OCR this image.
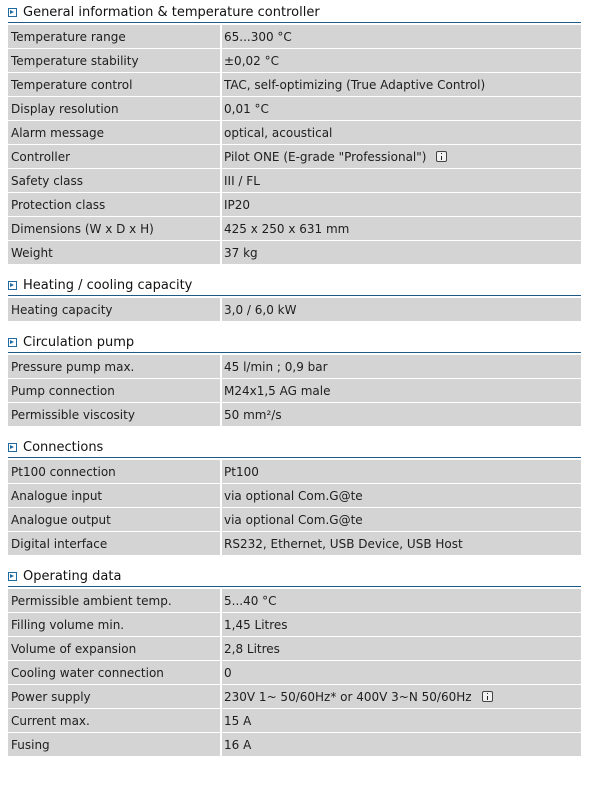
General information & temperature controller
Temperature range	65...300 °C
Temperature stability	±0,02 °C
Temperature control	TAC, self-optimizing (True Adaptive Control)
Display resolution	0,01 °C
Alarm message	optical, acoustical
Controller	Pilot ONE (E-grade "Professional")
Safety class	III / FL
Protection class	IP20
Dimensions (W x D x H)	425 x 250 x 631 mm
Weight	37 kg
Heating / cooling capacity
Heating capacity	3,0 / 6,0 kW
Circulation pump
Pressure pump max.	45 l/min ; 0,9 bar
Pump connection	M24x1,5 AG male
Permissible viscosity	50 mm²/s
Connections
Pt100 connection	Pt100
Analogue input	via optional Com.G@te
Analogue output	via optional Com.G@te
Digital interface	RS232, Ethernet, USB Device, USB Host
Operating data
Permissible ambient temp.	5...40 °C
Filling volume min.	1,45 Litres
Volume of expansion	2,8 Litres
Cooling water connection	0
Power supply	230V 1~ 50/60Hz* or 400V 3~N 50/60Hz
Current max.	15 A
Fusing	16 A
